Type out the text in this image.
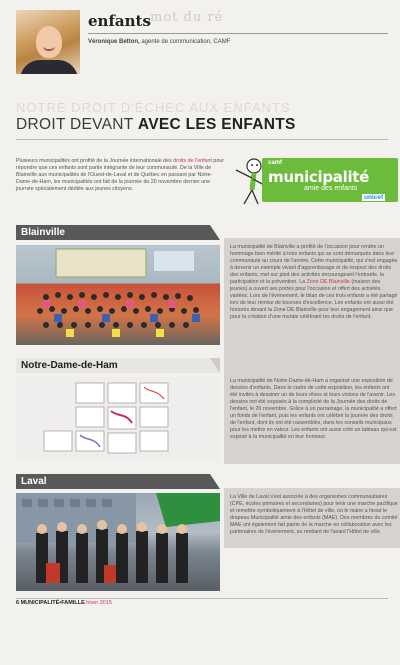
enfants mot du ré
Véronique Betton, agente de communication, CAMF
NOTRE DROIT D'ÉCHEC AUX ENFANTS
DROIT DEVANT AVEC LES ENFANTS

Plusieurs municipalités ont profité de la Journée internationale des droits de l'enfant pour répondre que ces enfants sont partie intégrante de leur communauté. De la Ville de Blainville aux municipalités de l'Ouest-de-Laval et de Québec en passant par Notre-Dame-de-Ham, les municipalités ont fait de la journée du 20 novembre dernier une journée spécialement dédiée aux jeunes citoyens.

camf
municipalité
amie des enfants
unicef
Blainville

La municipalité de Blainville a profité de l'occasion pour rendre un hommage bien mérité à trois enfants qui se sont démarqués dans leur communauté au cours de l'année. Cette municipalité, qui s'est engagée à devenir un exemple vivant d'apprentissage et de respect des droits des enfants, met sur pied des activités encourageant l'entraide, la participation et la prévention. La Zone DE Blainville (maison des jeunes) a ouvert ses portes pour l'occasion et offert des activités variées. Lors de l'événement, le bilan de ces trois enfants a été partagé lors de leur remise de bourses d'excellence. Les enfants ont aussi été honorés devant la Zone DE Blainville pour leur engagement ainsi que pour la création d'une murale célébrant les droits de l'enfant.

Notre-Dame-de-Ham

La municipalité de Notre-Dame-de-Ham a organisé une exposition de dessins d'enfants. Dans le cadre de cette exposition, les enfants ont été invités à dessiner un de leurs rêves et leurs visions de l'avenir. Les dessins ont été exposés à la complicité de la Journée des droits de l'enfant, le 20 novembre. Grâce à un parrainage, la municipalité a offert un fonds de l'enfant, puis les enfants ont célébré la journée des droits de l'enfant, dont ils ont été rassemblés, dans les conseils municipaux pour les mettre en valeur. Les enfants ont aussi créé un tableau qui est exposé à la municipalité en leur honneur.

Laval

La Ville de Laval s'est associée à des organismes communautaires (CPE, écoles primaires et secondaires) pour tenir une marche pacifique et remettre symboliquement à l'Hôtel de ville, où le maire a hissé le drapeau Municipalité amie des enfants (MAE). Des membres du comité MAE ont également fait partie de la marche en collaboration avec les partenaires de l'événement, au mettant de l'avant l'Hôtel de ville.

6 MUNICIPALITÉ•FAMILLE hiver 2015
